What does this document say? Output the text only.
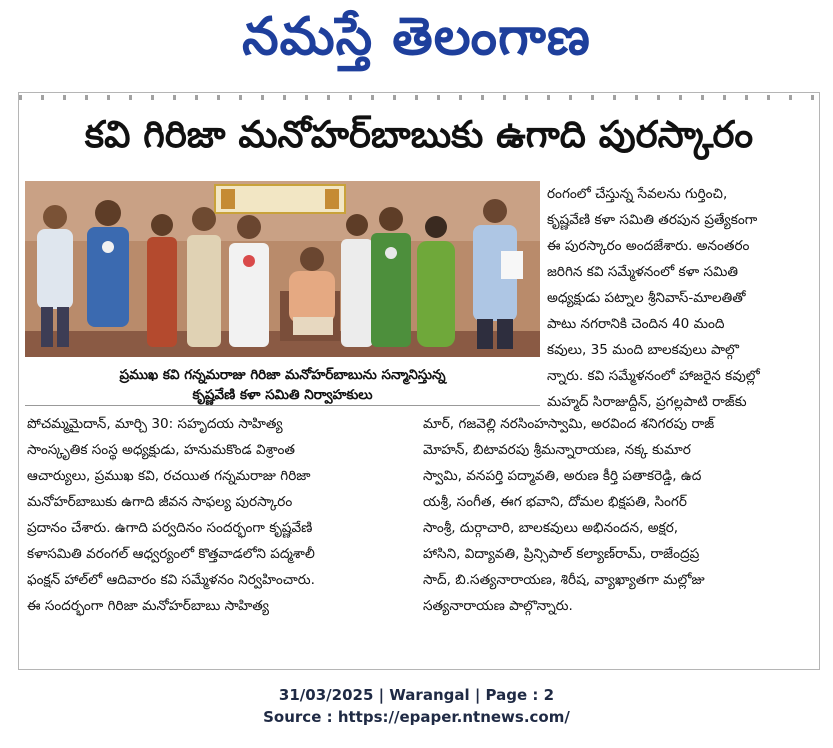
నమస్తే తెలంగాణ
కవి గిరిజా మనోహర్‌బాబుకు ఉగాది పురస్కారం
ప్రముఖ కవి గన్నమరాజు గిరిజా మనోహర్‌బాబును సన్మానిస్తున్న
కృష్ణవేణి కళా సమితి నిర్వాహకులు
రంగంలో చేస్తున్న సేవలను గుర్తించి,
కృష్ణవేణి కళా సమితి తరపున ప్రత్యేకంగా
ఈ పురస్కారం అందజేశారు. అనంతరం
జరిగిన కవి సమ్మేళనంలో కళా సమితి
అధ్యక్షుడు పట్నాల శ్రీనివాస్-మాలతితో
పాటు నగరానికి చెందిన 40 మంది
కవులు, 35 మంది బాలకవులు పాల్గొ
న్నారు. కవి సమ్మేళనంలో హాజరైన కవుల్లో
మహ్మద్ సిరాజుద్దీన్, ప్రగల్లపాటి రాజ్‌కు
పోచమ్మమైదాన్, మార్చి 30: సహృదయ సాహిత్య
సాంస్కృతిక సంస్థ అధ్యక్షుడు, హనుమకొండ విశ్రాంత
ఆచార్యులు, ప్రముఖ కవి, రచయిత గన్నమరాజు గిరిజా
మనోహర్‌బాబుకు ఉగాది జీవన సాఫల్య పురస్కారం
ప్రదానం చేశారు. ఉగాది పర్వదినం సందర్భంగా కృష్ణవేణి
కళాసమితి వరంగల్ ఆధ్వర్యంలో కొత్తవాడలోని పద్మశాలీ
ఫంక్షన్ హాల్‌లో ఆదివారం కవి సమ్మేళనం నిర్వహించారు.
ఈ సందర్భంగా గిరిజా మనోహర్‌బాబు సాహిత్య
మార్, గజవెల్లి నరసింహస్వామి, అరవింద శనిగరపు రాజ్
మోహన్, బిటావరపు శ్రీమన్నారాయణ, నక్క కుమార
స్వామి, వనపర్తి పద్మావతి, అరుణ కీర్తి పతాకరెడ్డి, ఉద
యశ్రీ, సంగీత, ఈగ భవాని, దోమల భిక్షపతి, సింగర్
సాంశ్రీ, దుర్గాచారి, బాలకవులు అభినందన, అక్షర,
హాసిని, విద్యావతి, ప్రిన్సిపాల్ కల్యాణ్‌రామ్, రాజేంద్రప్ర
సాద్, బి.సత్యనారాయణ, శిరీష, వ్యాఖ్యాతగా మల్లోజు
సత్యనారాయణ పాల్గొన్నారు.
31/03/2025 | Warangal | Page : 2
Source : https://epaper.ntnews.com/
